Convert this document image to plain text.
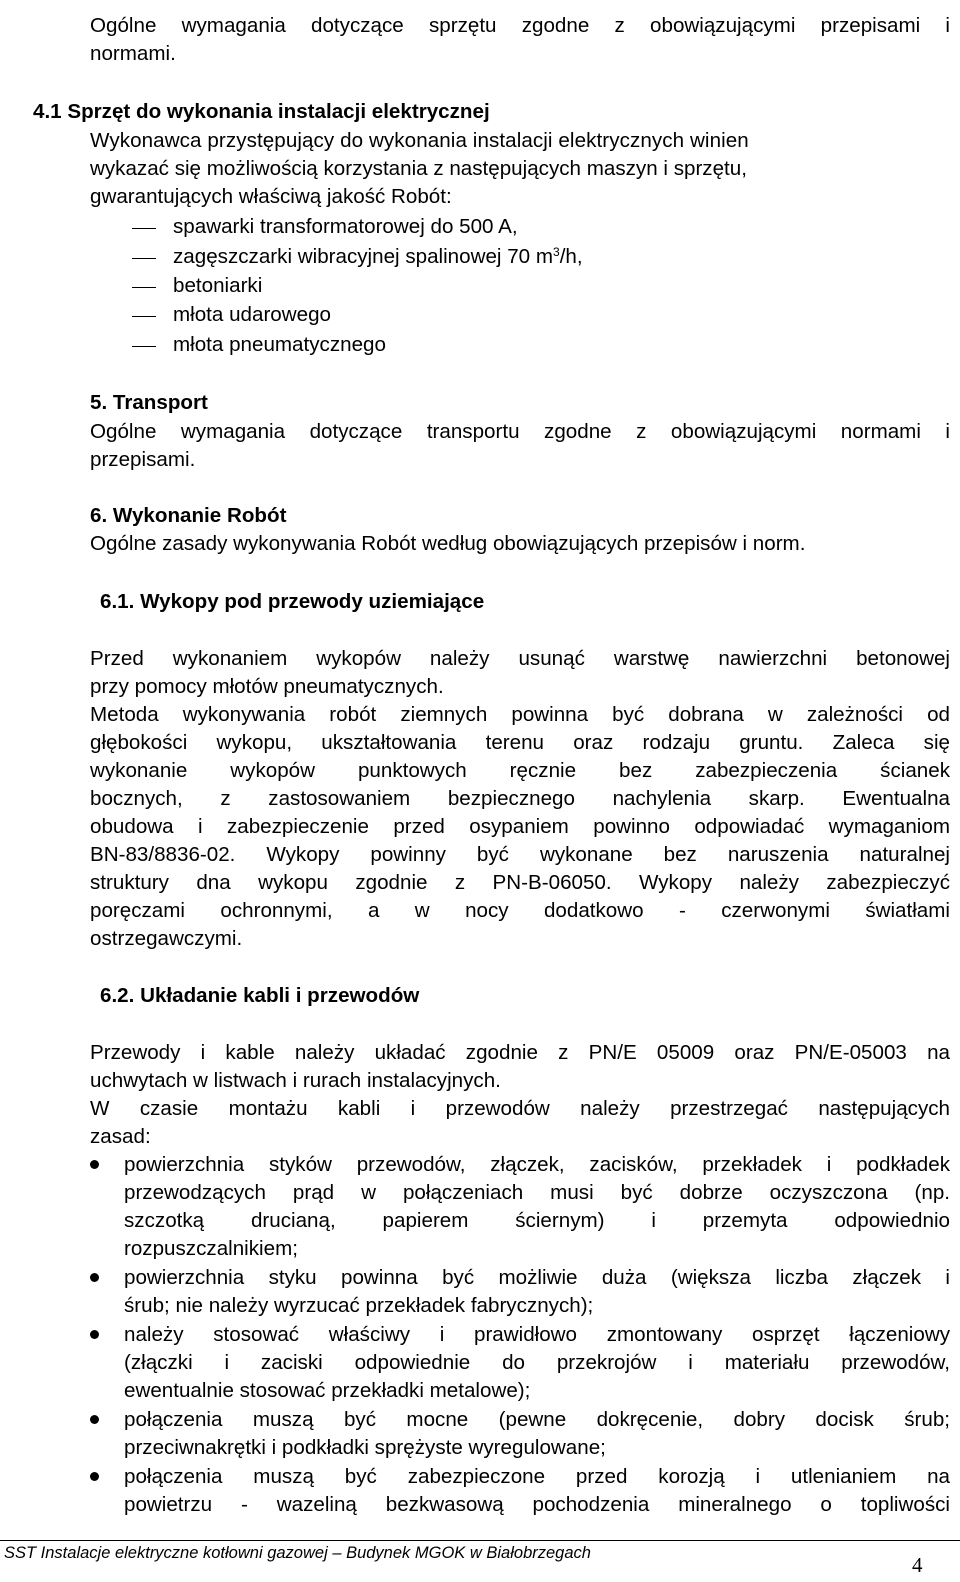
Ogólne wymagania dotyczące sprzętu zgodne z obowiązującymi przepisami i
normami.
4.1 Sprzęt do wykonania instalacji elektrycznej
Wykonawca przystępujący do wykonania instalacji elektrycznych winien
wykazać się możliwością korzystania z następujących maszyn i sprzętu,
gwarantujących właściwą jakość Robót:
spawarki transformatorowej do 500 A,
zagęszczarki wibracyjnej spalinowej 70 $m^3/h$,
betoniarki
młota udarowego
młota pneumatycznego
5. Transport
Ogólne wymagania dotyczące transportu zgodne z obowiązującymi normami i
przepisami.
6. Wykonanie Robót
Ogólne zasady wykonywania Robót według obowiązujących przepisów i norm.
6.1. Wykopy pod przewody uziemiające
Przed wykonaniem wykopów należy usunąć warstwę nawierzchni betonowej
przy pomocy młotów pneumatycznych.
Metoda wykonywania robót ziemnych powinna być dobrana w zależności od
głębokości wykopu, ukształtowania terenu oraz rodzaju gruntu. Zaleca się
wykonanie wykopów punktowych ręcznie bez zabezpieczenia ścianek
bocznych, z zastosowaniem bezpiecznego nachylenia skarp. Ewentualna
obudowa i zabezpieczenie przed osypaniem powinno odpowiadać wymaganiom
BN-83/8836-02. Wykopy powinny być wykonane bez naruszenia naturalnej
struktury dna wykopu zgodnie z PN-B-06050. Wykopy należy zabezpieczyć
poręczami ochronnymi, a w nocy dodatkowo - czerwonymi światłami
ostrzegawczymi.
6.2. Układanie kabli i przewodów
Przewody i kable należy układać zgodnie z PN/E 05009 oraz PN/E-05003 na
uchwytach w listwach i rurach instalacyjnych.
W czasie montażu kabli i przewodów należy przestrzegać następujących
zasad:
powierzchnia styków przewodów, złączek, zacisków, przekładek i podkładek
przewodzących prąd w połączeniach musi być dobrze oczyszczona (np.
szczotką drucianą, papierem ściernym) i przemyta odpowiednio
rozpuszczalnikiem;
powierzchnia styku powinna być możliwie duża (większa liczba złączek i
śrub; nie należy wyrzucać przekładek fabrycznych);
należy stosować właściwy i prawidłowo zmontowany osprzęt łączeniowy
(złączki i zaciski odpowiednie do przekrojów i materiału przewodów,
ewentualnie stosować przekładki metalowe);
połączenia muszą być mocne (pewne dokręcenie, dobry docisk śrub;
przeciwnakrętki i podkładki sprężyste wyregulowane;
połączenia muszą być zabezpieczone przed korozją i utlenianiem na
powietrzu - wazeliną bezkwasową pochodzenia mineralnego o topliwości
SST Instalacje elektryczne kotłowni gazowej – Budynek MGOK w Białobrzegach	4
